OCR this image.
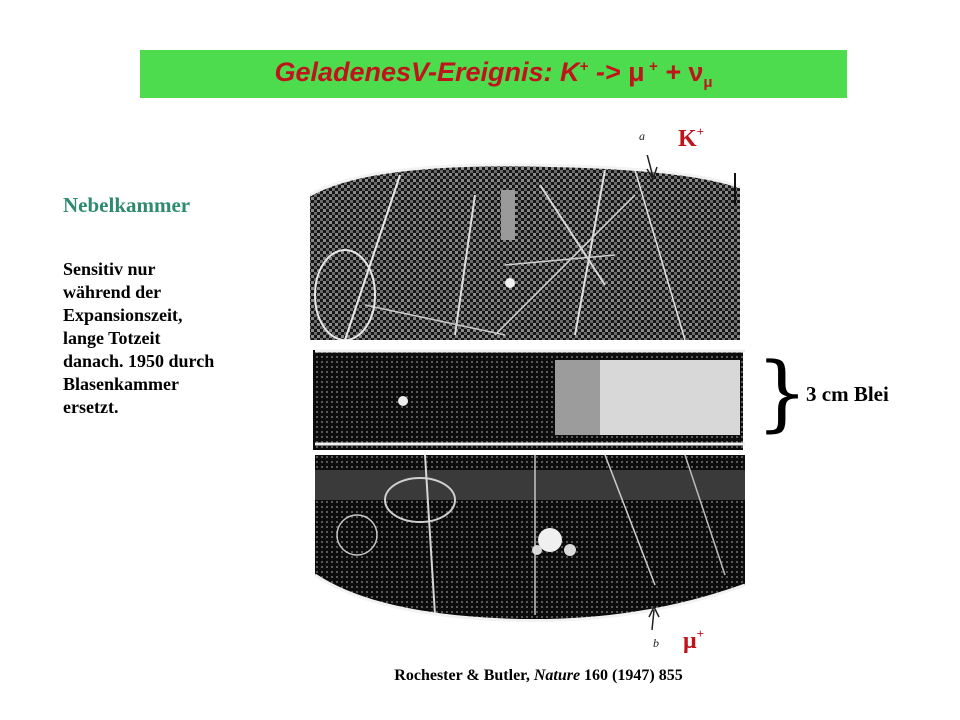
GeladenesV-Ereignis: K+ -> μ $^+ + \nu_\mu$
Nebelkammer
Sensitiv nur
während der
Expansionszeit,
lange Totzeit
danach. 1950 durch
Blasenkammer
ersetzt.
a
b
K+
μ+
}
3 cm Blei
Rochester & Butler, Nature 160 (1947) 855
